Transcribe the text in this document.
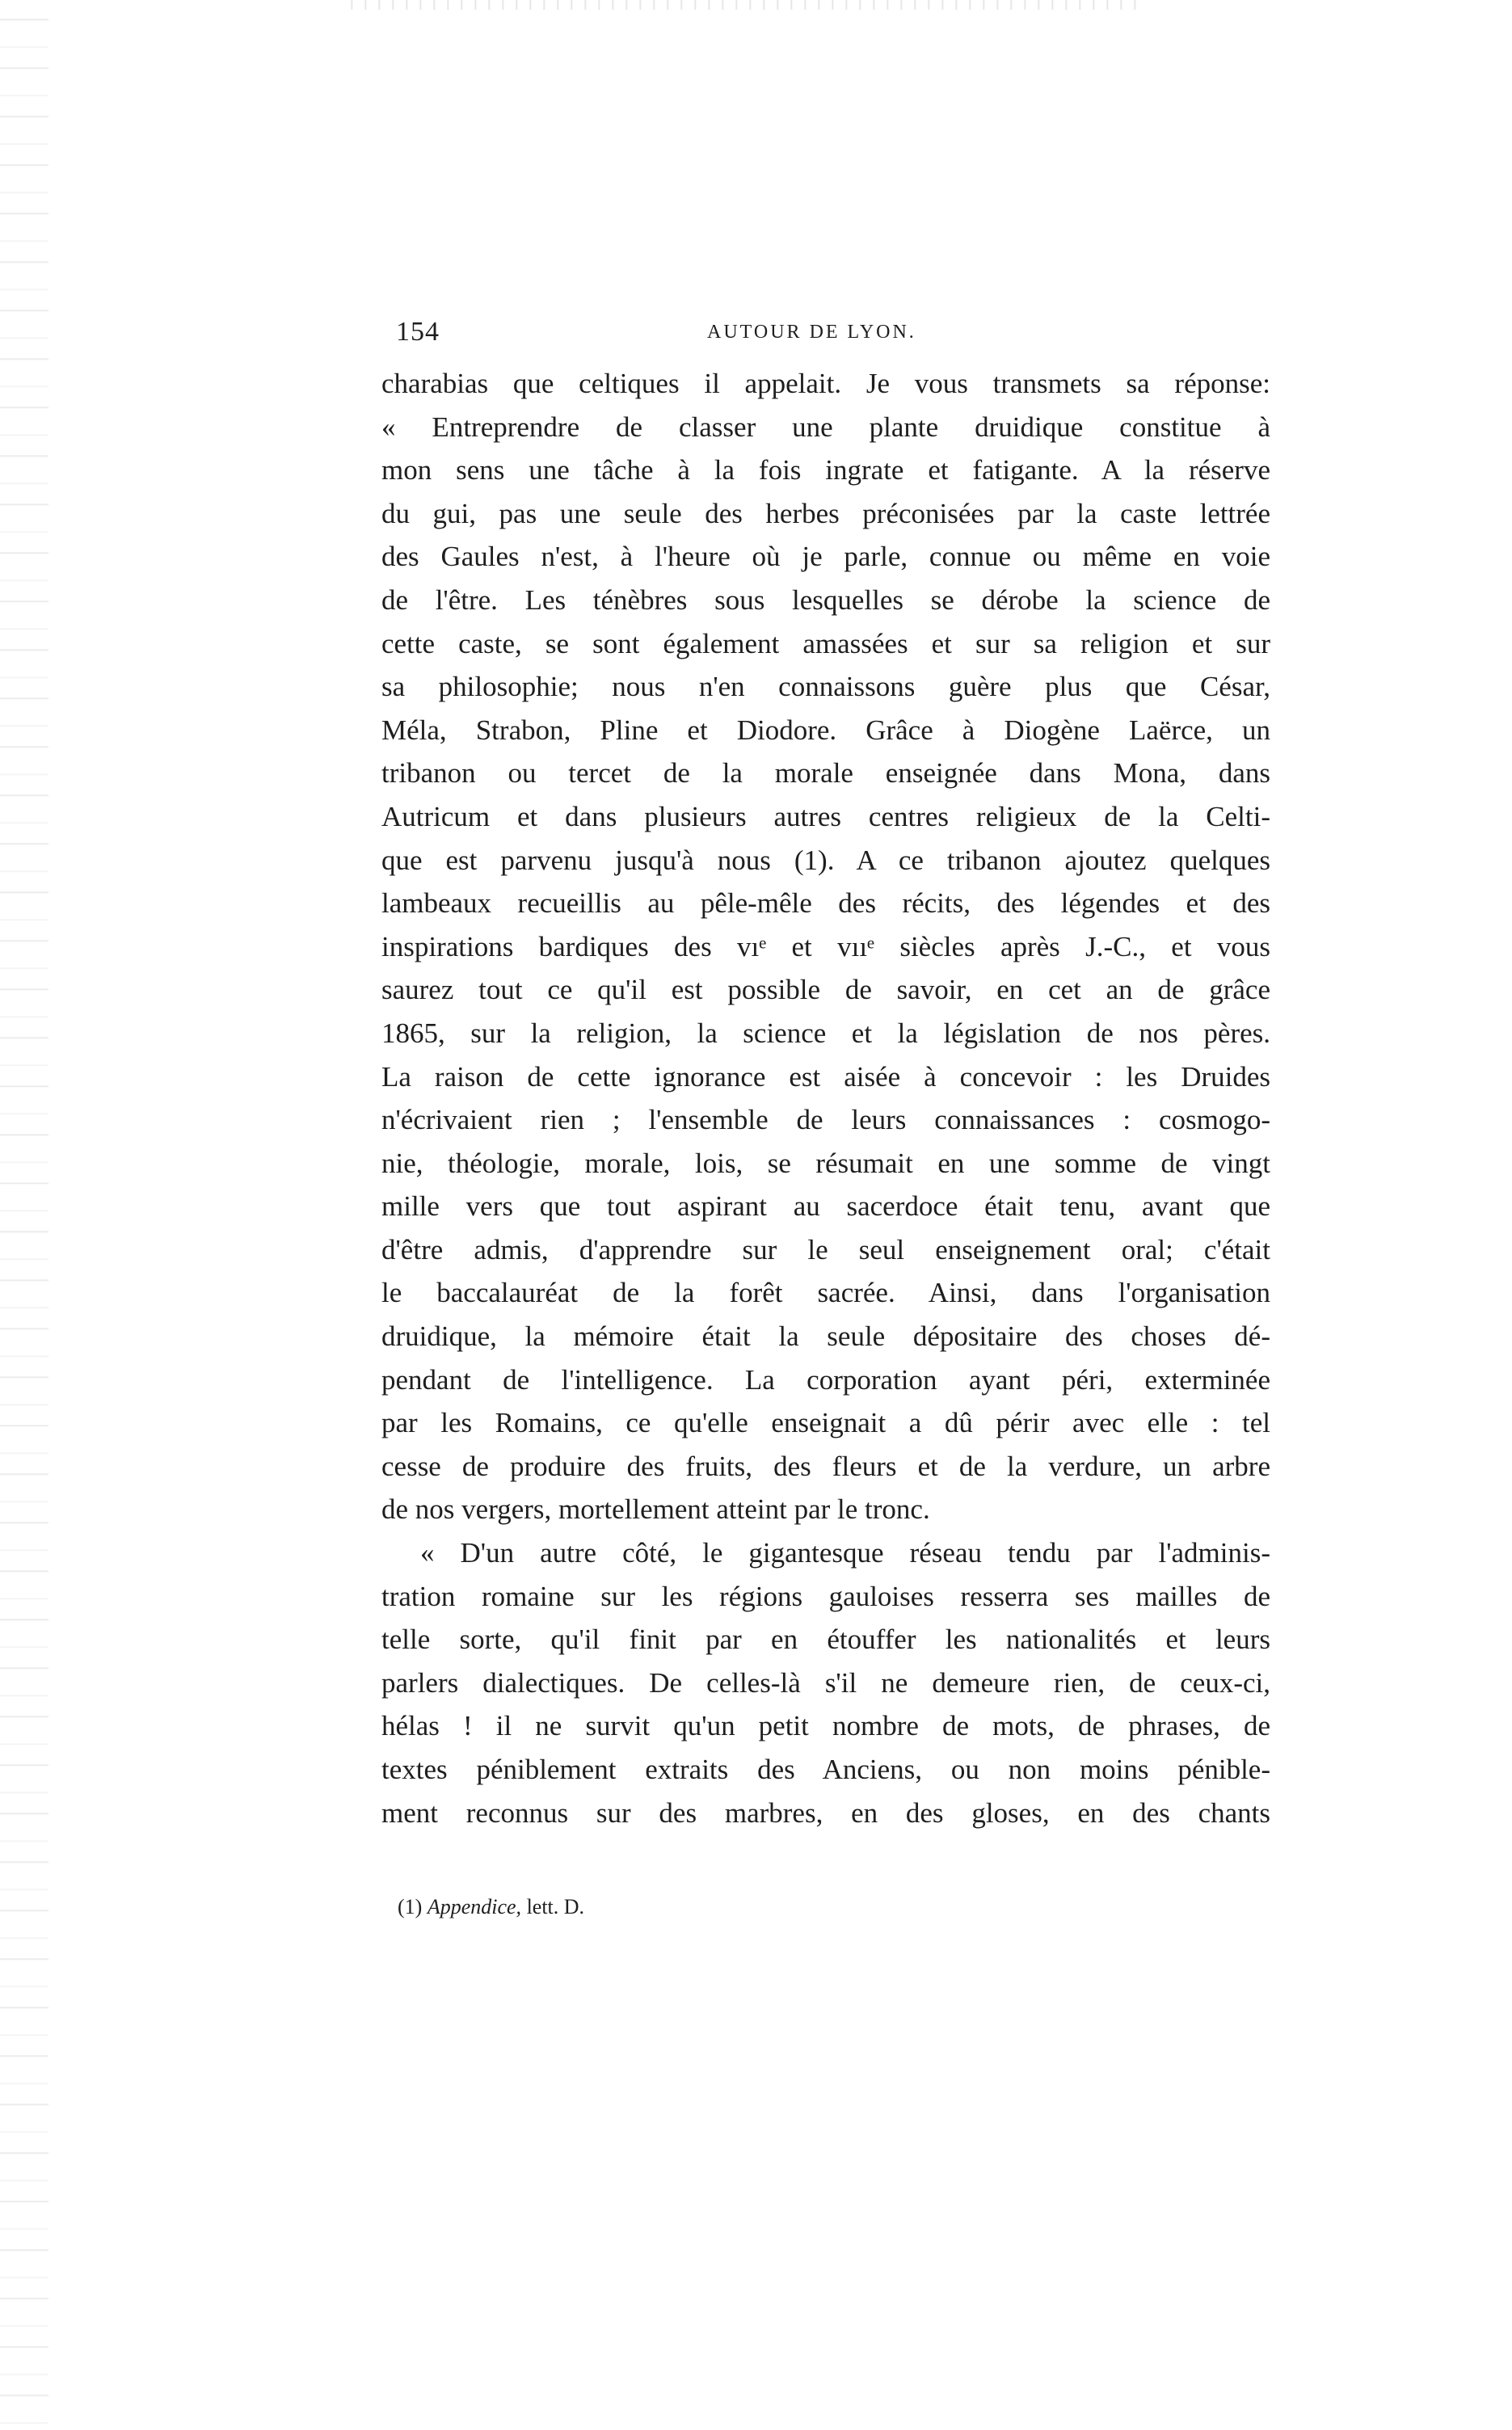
154	AUTOUR DE LYON.
charabias que celtiques il appelait. Je vous transmets sa réponse:
« Entreprendre de classer une plante druidique constitue à
mon sens une tâche à la fois ingrate et fatigante. A la réserve
du gui, pas une seule des herbes préconisées par la caste lettrée
des Gaules n'est, à l'heure où je parle, connue ou même en voie
de l'être. Les ténèbres sous lesquelles se dérobe la science de
cette caste, se sont également amassées et sur sa religion et sur
sa philosophie; nous n'en connaissons guère plus que César,
Méla, Strabon, Pline et Diodore. Grâce à Diogène Laërce, un
tribanon ou tercet de la morale enseignée dans Mona, dans
Autricum et dans plusieurs autres centres religieux de la Celti-
que est parvenu jusqu'à nous (1). A ce tribanon ajoutez quelques
lambeaux recueillis au pêle-mêle des récits, des légendes et des
inspirations bardiques des vıᵉ et vııᵉ siècles après J.-C., et vous
saurez tout ce qu'il est possible de savoir, en cet an de grâce
1865, sur la religion, la science et la législation de nos pères.
La raison de cette ignorance est aisée à concevoir : les Druides
n'écrivaient rien ; l'ensemble de leurs connaissances : cosmogo-
nie, théologie, morale, lois, se résumait en une somme de vingt
mille vers que tout aspirant au sacerdoce était tenu, avant que
d'être admis, d'apprendre sur le seul enseignement oral; c'était
le baccalauréat de la forêt sacrée. Ainsi, dans l'organisation
druidique, la mémoire était la seule dépositaire des choses dé-
pendant de l'intelligence. La corporation ayant péri, exterminée
par les Romains, ce qu'elle enseignait a dû périr avec elle : tel
cesse de produire des fruits, des fleurs et de la verdure, un arbre
de nos vergers, mortellement atteint par le tronc.
« D'un autre côté, le gigantesque réseau tendu par l'adminis-
tration romaine sur les régions gauloises resserra ses mailles de
telle sorte, qu'il finit par en étouffer les nationalités et leurs
parlers dialectiques. De celles-là s'il ne demeure rien, de ceux-ci,
hélas ! il ne survit qu'un petit nombre de mots, de phrases, de
textes péniblement extraits des Anciens, ou non moins pénible-
ment reconnus sur des marbres, en des gloses, en des chants
(1) Appendice, lett. D.
